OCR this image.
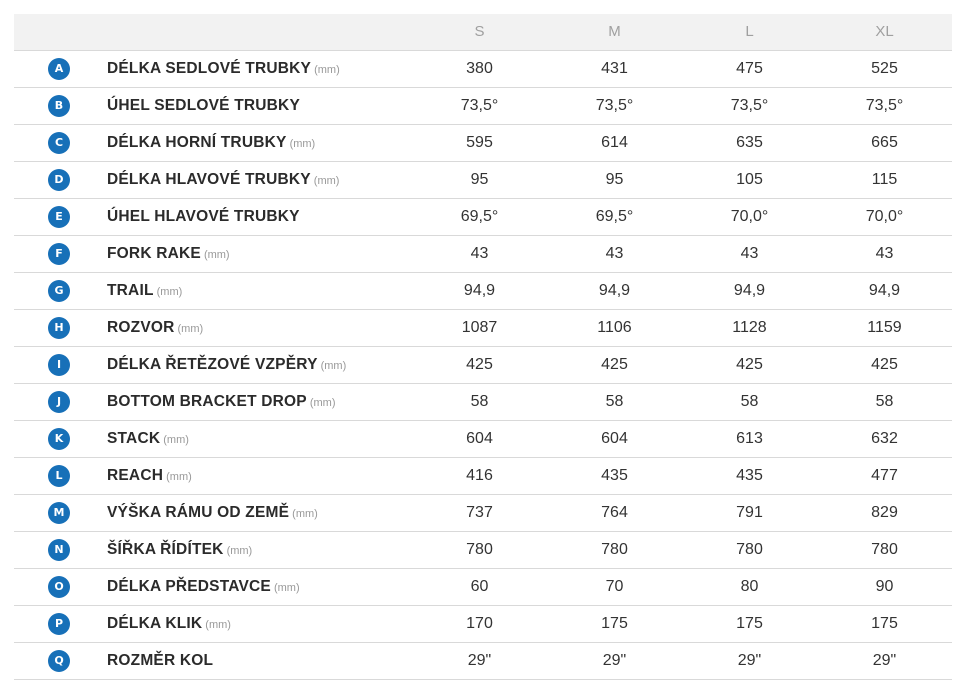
		S	M	L	XL
A	DÉLKA SEDLOVÉ TRUBKY (mm)	380	431	475	525
B	ÚHEL SEDLOVÉ TRUBKY	73,5°	73,5°	73,5°	73,5°
C	DÉLKA HORNÍ TRUBKY (mm)	595	614	635	665
D	DÉLKA HLAVOVÉ TRUBKY (mm)	95	95	105	115
E	ÚHEL HLAVOVÉ TRUBKY	69,5°	69,5°	70,0°	70,0°
F	FORK RAKE (mm)	43	43	43	43
G	TRAIL (mm)	94,9	94,9	94,9	94,9
H	ROZVOR (mm)	1087	1106	1128	1159
I	DÉLKA ŘETĚZOVÉ VZPĚRY (mm)	425	425	425	425
J	BOTTOM BRACKET DROP (mm)	58	58	58	58
K	STACK (mm)	604	604	613	632
L	REACH (mm)	416	435	435	477
M	VÝŠKA RÁMU OD ZEMĚ (mm)	737	764	791	829
N	ŠÍŘKA ŘÍDÍTEK (mm)	780	780	780	780
O	DÉLKA PŘEDSTAVCE (mm)	60	70	80	90
P	DÉLKA KLIK (mm)	170	175	175	175
Q	ROZMĚR KOL	29"	29"	29"	29"
